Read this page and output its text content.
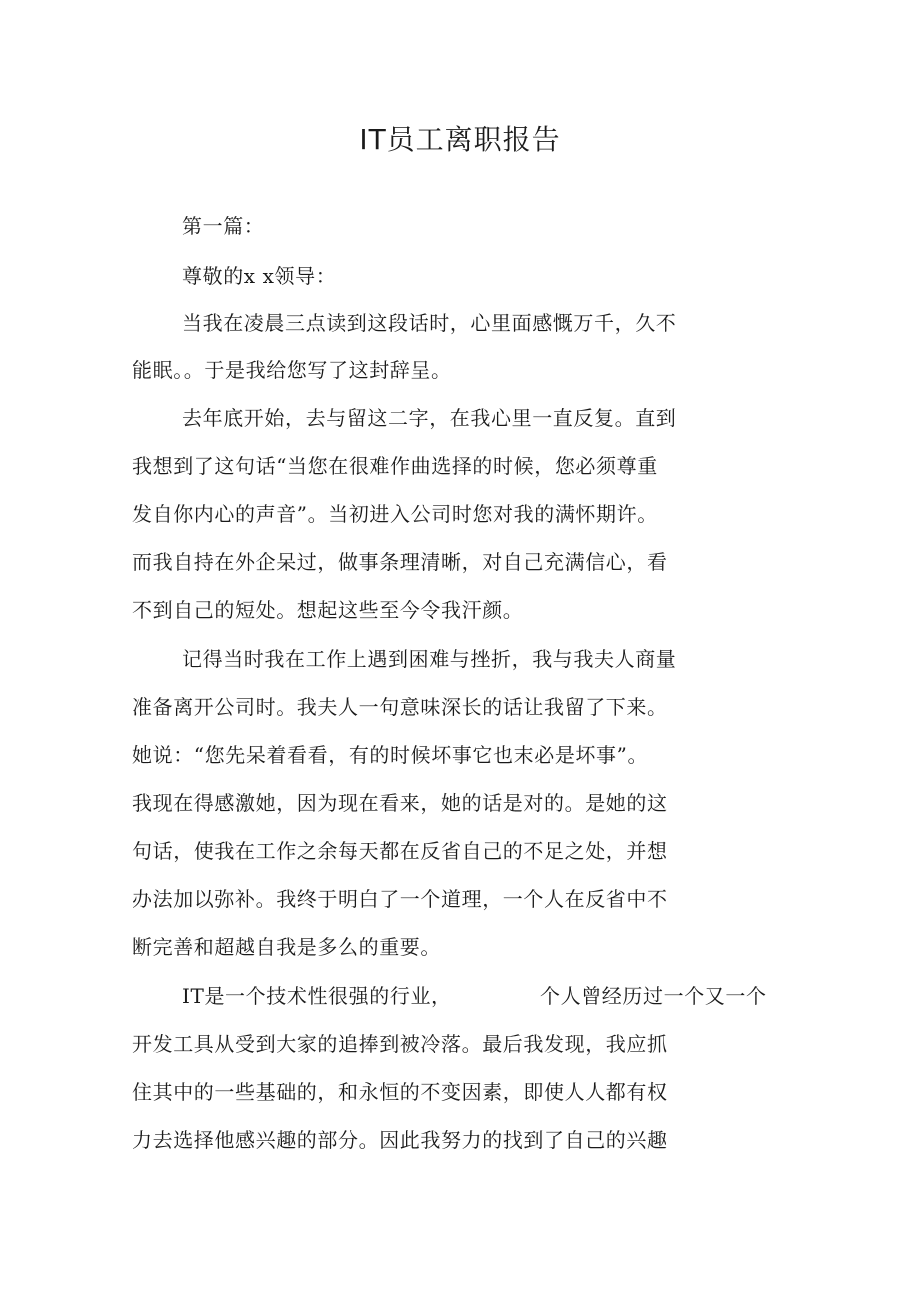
IT员工离职报告
第一篇：
尊敬的x x领导：
当我在凌晨三点读到这段话时，心里面感慨万千，久不
能眠。。于是我给您写了这封辞呈。
去年底开始，去与留这二字，在我心里一直反复。直到
我想到了这句话“当您在很难作曲选择的时候，您必须尊重
发自你内心的声音”。当初进入公司时您对我的满怀期许。
而我自持在外企呆过，做事条理清晰，对自己充满信心，看
不到自己的短处。想起这些至今令我汗颜。
记得当时我在工作上遇到困难与挫折，我与我夫人商量
准备离开公司时。我夫人一句意味深长的话让我留了下来。
她说：“您先呆着看看，有的时候坏事它也末必是坏事”。
我现在得感激她，因为现在看来，她的话是对的。是她的这
句话，使我在工作之余每天都在反省自己的不足之处，并想
办法加以弥补。我终于明白了一个道理，一个人在反省中不
断完善和超越自我是多么的重要。
IT是一个技术性很强的行业，	个人曾经历过一个又一个
开发工具从受到大家的追捧到被冷落。最后我发现，我应抓
住其中的一些基础的，和永恒的不变因素，即使人人都有权
力去选择他感兴趣的部分。因此我努力的找到了自己的兴趣
